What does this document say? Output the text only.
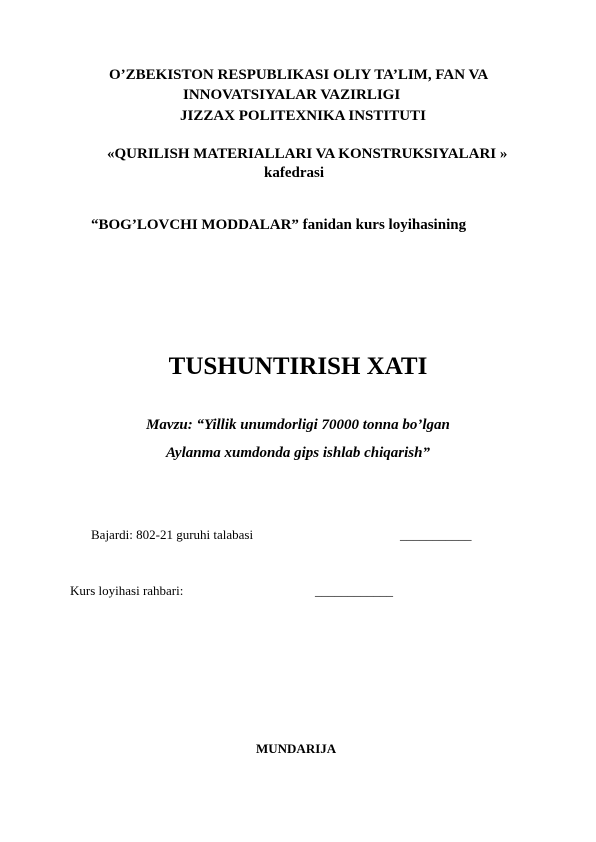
O’ZBEKISTON RESPUBLIKASI OLIY TA’LIM, FAN VA
INNOVATSIYALAR VAZIRLIGI
JIZZAX POLITEXNIKA INSTITUTI
«QURILISH MATERIALLARI VA KONSTRUKSIYALARI »
kafedrasi
“BOG’LOVCHI MODDALAR” fanidan kurs loyihasining
TUSHUNTIRISH XATI
Mavzu: “Yillik unumdorligi 70000 tonna bo’lgan
Aylanma xumdonda gips ishlab chiqarish”
Bajardi: 802-21 guruhi talabasi	___________
Kurs loyihasi rahbari:	____________
MUNDARIJA
